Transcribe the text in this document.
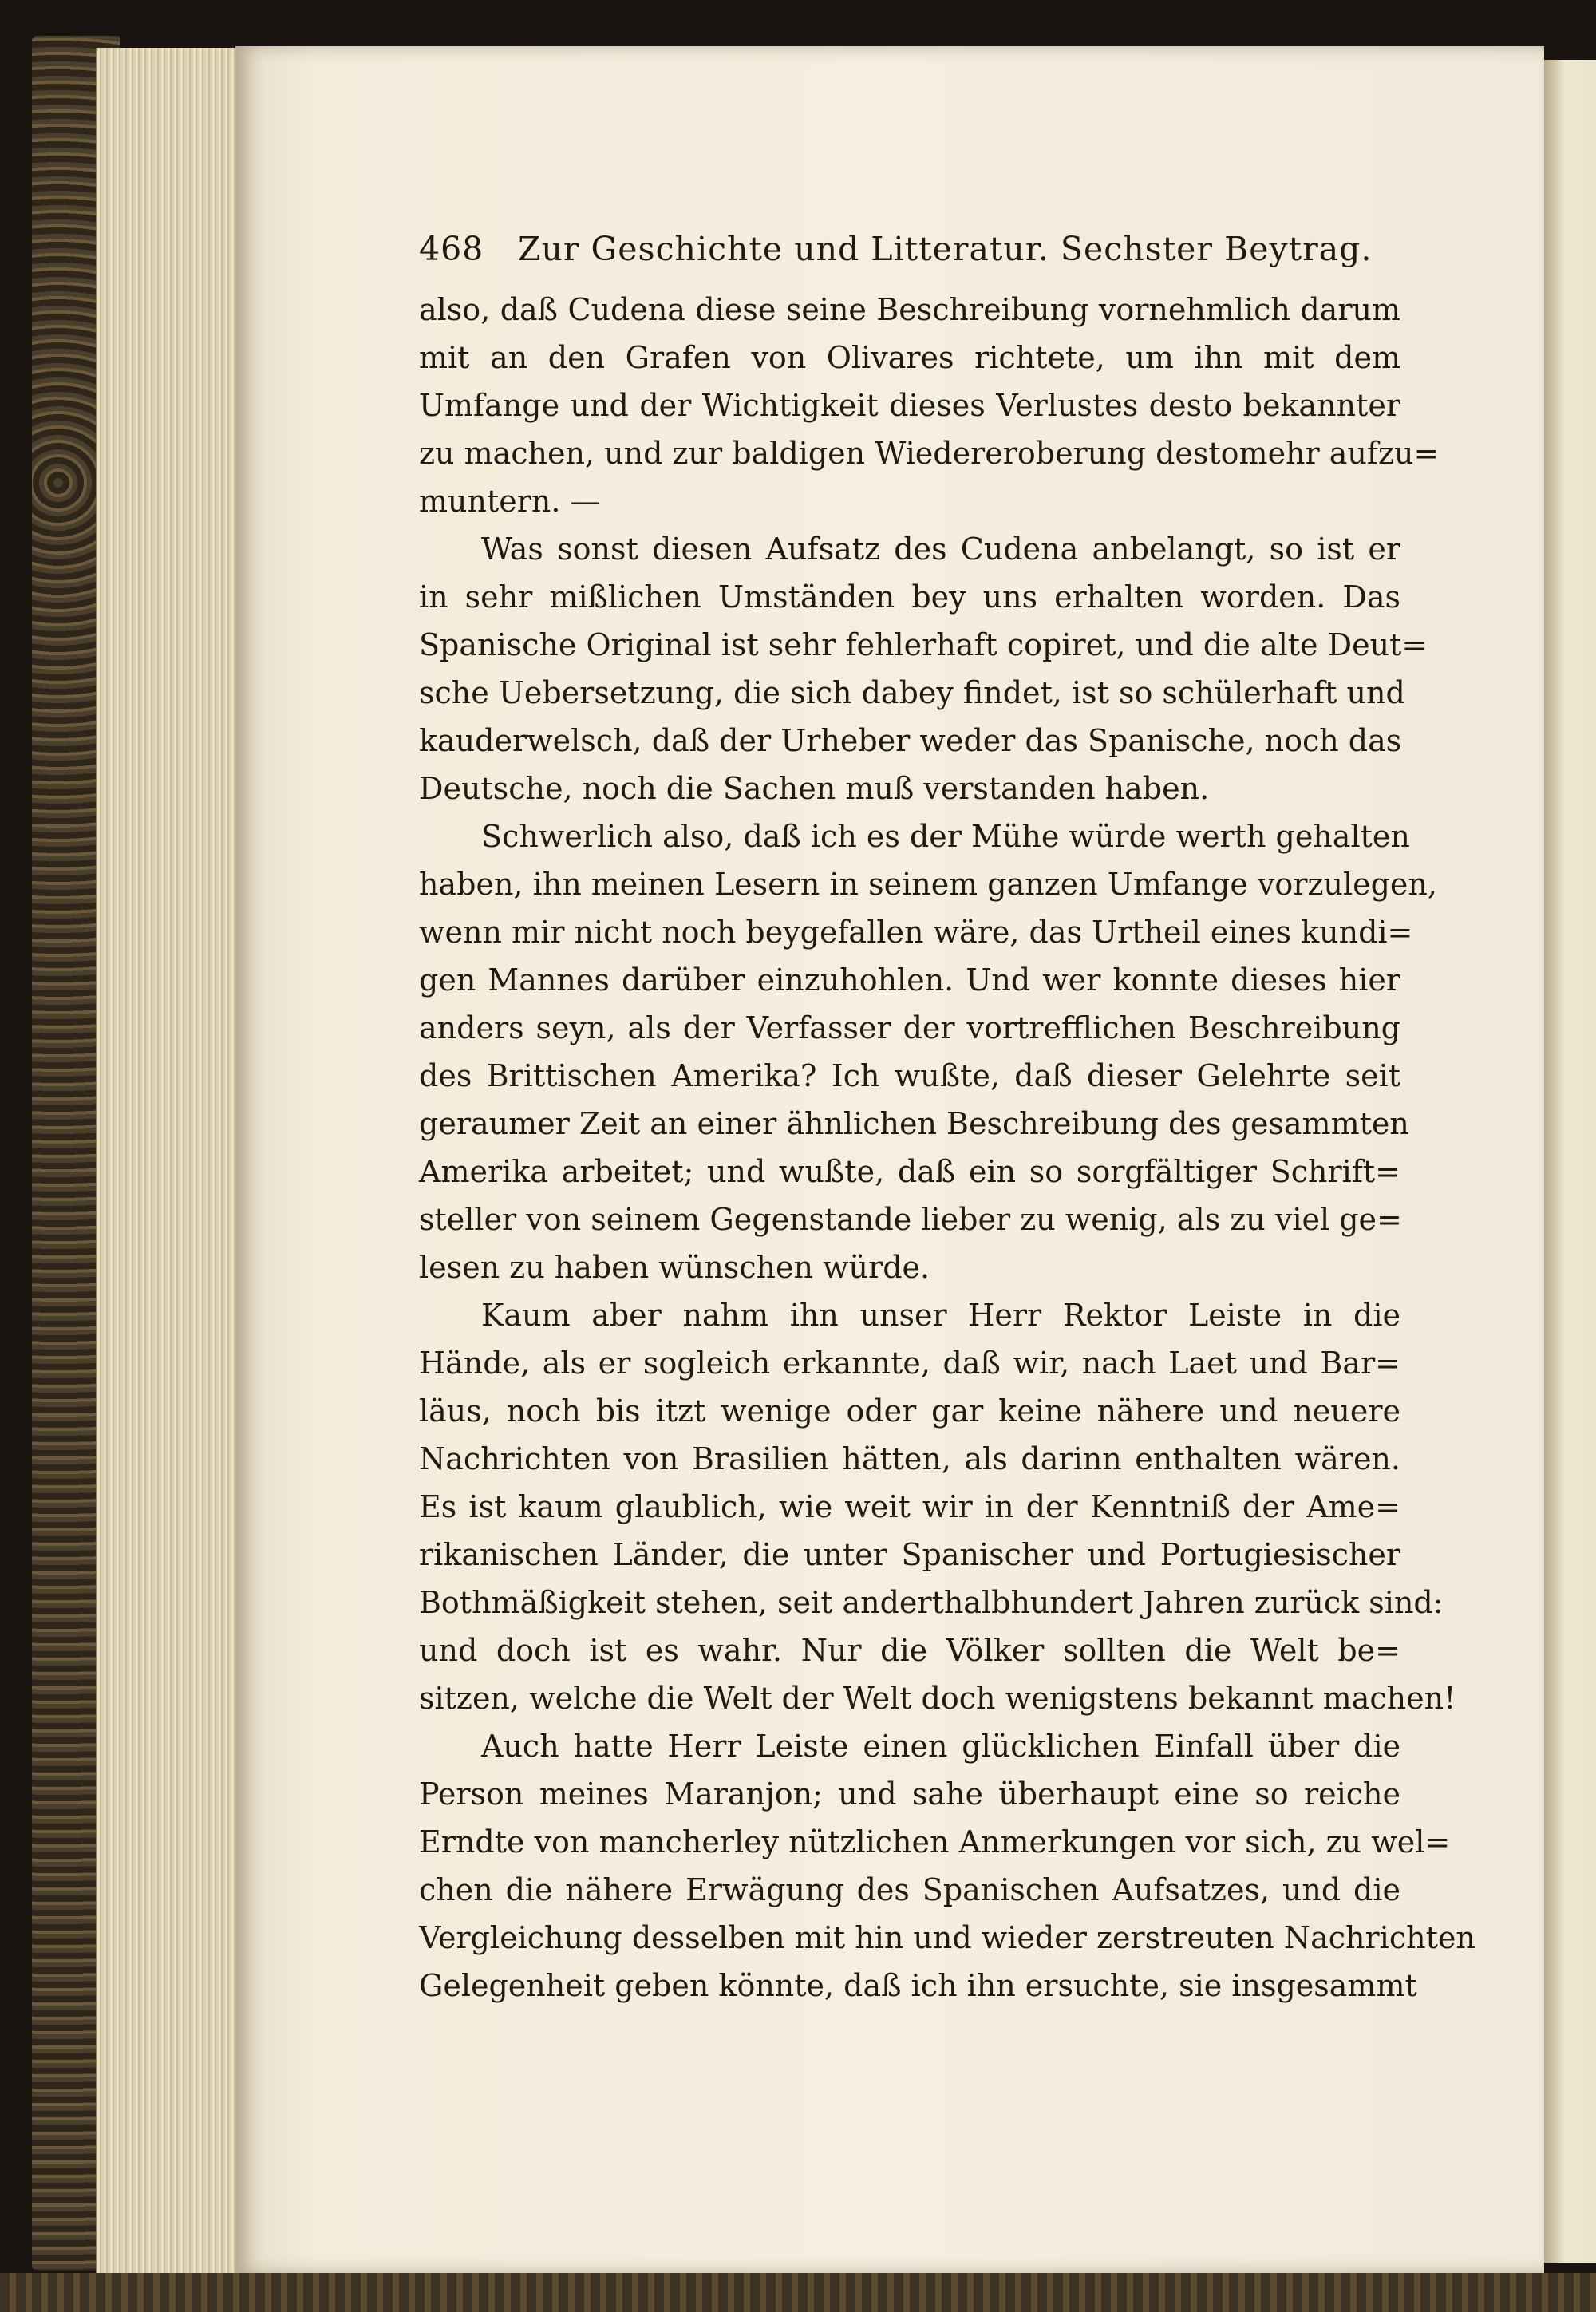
468	Zur Geschichte und Litteratur. Sechster Beytrag.
also, daß Cudena diese seine Beschreibung vornehmlich darum
mit an den Grafen von Olivares richtete, um ihn mit dem
Umfange und der Wichtigkeit dieses Verlustes desto bekannter
zu machen, und zur baldigen Wiedereroberung destomehr aufzu=
muntern. —
Was sonst diesen Aufsatz des Cudena anbelangt, so ist er
in sehr mißlichen Umständen bey uns erhalten worden. Das
Spanische Original ist sehr fehlerhaft copiret, und die alte Deut=
sche Uebersetzung, die sich dabey findet, ist so schülerhaft und
kauderwelsch, daß der Urheber weder das Spanische, noch das
Deutsche, noch die Sachen muß verstanden haben.
Schwerlich also, daß ich es der Mühe würde werth gehalten
haben, ihn meinen Lesern in seinem ganzen Umfange vorzulegen,
wenn mir nicht noch beygefallen wäre, das Urtheil eines kundi=
gen Mannes darüber einzuhohlen. Und wer konnte dieses hier
anders seyn, als der Verfasser der vortrefflichen Beschreibung
des Brittischen Amerika? Ich wußte, daß dieser Gelehrte seit
geraumer Zeit an einer ähnlichen Beschreibung des gesammten
Amerika arbeitet; und wußte, daß ein so sorgfältiger Schrift=
steller von seinem Gegenstande lieber zu wenig, als zu viel ge=
lesen zu haben wünschen würde.
Kaum aber nahm ihn unser Herr Rektor Leiste in die
Hände, als er sogleich erkannte, daß wir, nach Laet und Bar=
läus, noch bis itzt wenige oder gar keine nähere und neuere
Nachrichten von Brasilien hätten, als darinn enthalten wären.
Es ist kaum glaublich, wie weit wir in der Kenntniß der Ame=
rikanischen Länder, die unter Spanischer und Portugiesischer
Bothmäßigkeit stehen, seit anderthalbhundert Jahren zurück sind:
und doch ist es wahr. Nur die Völker sollten die Welt be=
sitzen, welche die Welt der Welt doch wenigstens bekannt machen!
Auch hatte Herr Leiste einen glücklichen Einfall über die
Person meines Maranjon; und sahe überhaupt eine so reiche
Erndte von mancherley nützlichen Anmerkungen vor sich, zu wel=
chen die nähere Erwägung des Spanischen Aufsatzes, und die
Vergleichung desselben mit hin und wieder zerstreuten Nachrichten
Gelegenheit geben könnte, daß ich ihn ersuchte, sie insgesammt
